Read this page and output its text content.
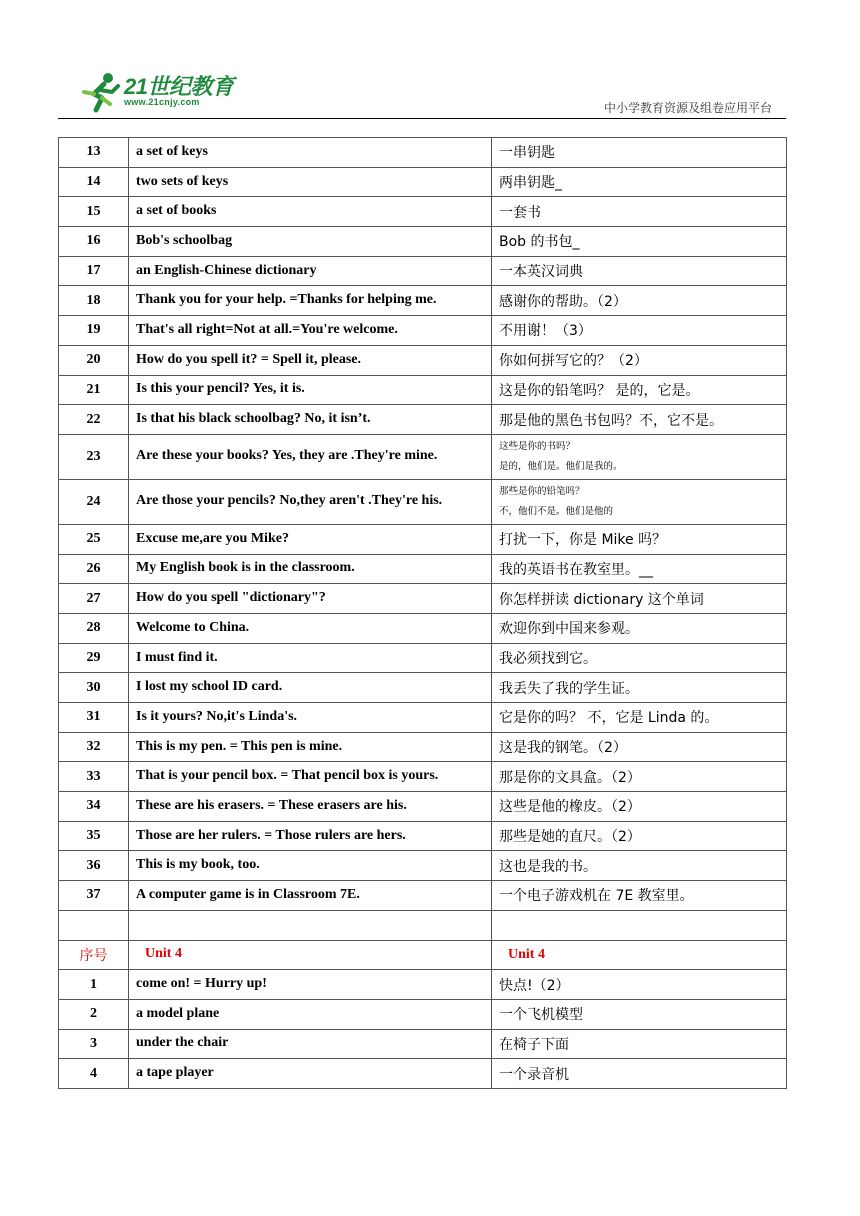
21世纪教育
www.21cnjy.com	中小学教育资源及组卷应用平台
13	a set of keys	一串钥匙
14	two sets of keys	两串钥匙_
15	a set of books	一套书
16	Bob's schoolbag	Bob 的书包_
17	an English-Chinese dictionary	一本英汉词典
18	Thank you for your help. =Thanks for helping me.	感谢你的帮助。（2）
19	That's all right=Not at all.=You're welcome.	不用谢！（3）
20	How do you spell it? = Spell it, please.	你如何拼写它的？（2）
21	Is this your pencil? Yes, it is.	这是你的铅笔吗？ 是的，它是。
22	Is that his black schoolbag? No, it isn’t.	那是他的黑色书包吗？不，它不是。
23	Are these your books? Yes, they are .They're mine.	这些是你的书吗？
是的，他们是。他们是我的。

24	Are those your pencils? No,they aren't .They're his.	那些是你的铅笔吗？
不，他们不是。他们是他的

25	Excuse me,are you Mike?	打扰一下，你是 Mike 吗？
26	My English book is in the classroom.	我的英语书在教室里。__
27	How do you spell "dictionary"?	你怎样拼读 dictionary 这个单词
28	Welcome to China.	欢迎你到中国来参观。
29	I must find it.	我必须找到它。
30	I lost my school ID card.	我丢失了我的学生证。
31	Is it yours? No,it's Linda's.	它是你的吗？ 不，它是 Linda 的。
32	This is my pen. = This pen is mine.	这是我的钢笔。（2）
33	That is your pencil box. = That pencil box is yours.	那是你的文具盒。（2）
34	These are his erasers. = These erasers are his.	这些是他的橡皮。（2）
35	Those are her rulers. = Those rulers are hers.	那些是她的直尺。（2）
36	This is my book, too.	这也是我的书。
37	A computer game is in Classroom 7E.	一个电子游戏机在 7E 教室里。

序号	Unit 4	Unit 4
1	come on! = Hurry up!	快点!（2）
2	a model plane	一个飞机模型
3	under the chair	在椅子下面
4	a tape player	一个录音机
